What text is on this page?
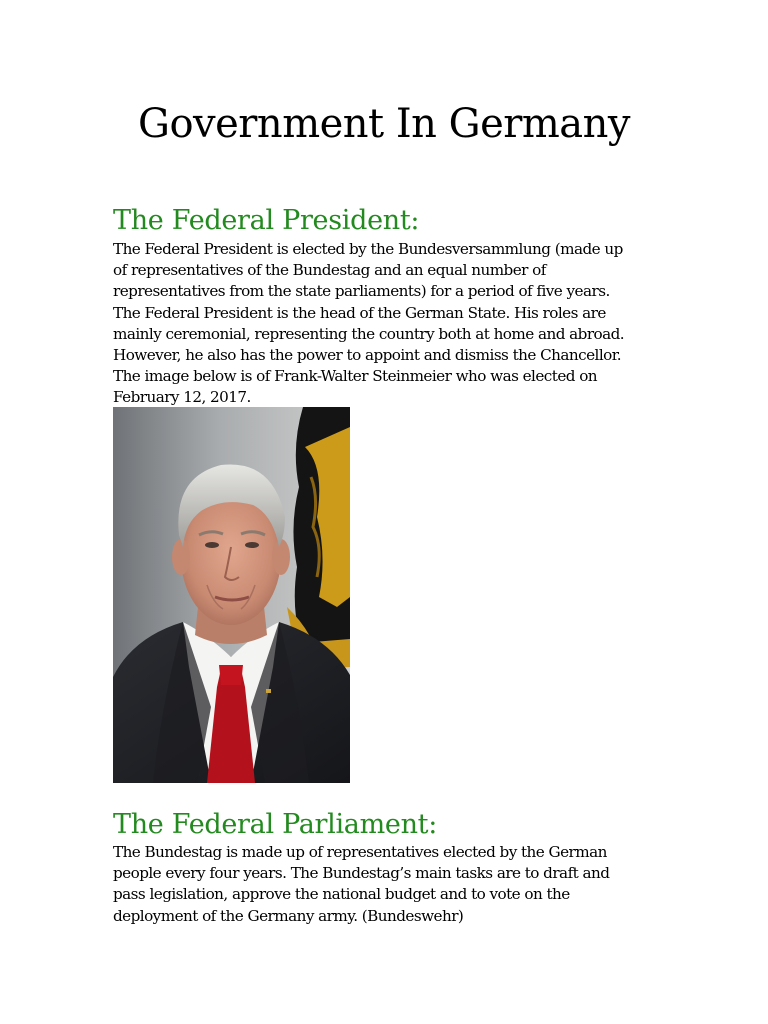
Government In Germany
The Federal President:

The Federal President is elected by the Bundesversammlung (made up
of representatives of the Bundestag and an equal number of
representatives from the state parliaments) for a period of five years.
The Federal President is the head of the German State. His roles are
mainly ceremonial, representing the country both at home and abroad.
However, he also has the power to appoint and dismiss the Chancellor.
The image below is of Frank-Walter Steinmeier who was elected on
February 12, 2017.

The Federal Parliament:

The Bundestag is made up of representatives elected by the German
people every four years. The Bundestag’s main tasks are to draft and
pass legislation, approve the national budget and to vote on the
deployment of the Germany army. (Bundeswehr)
